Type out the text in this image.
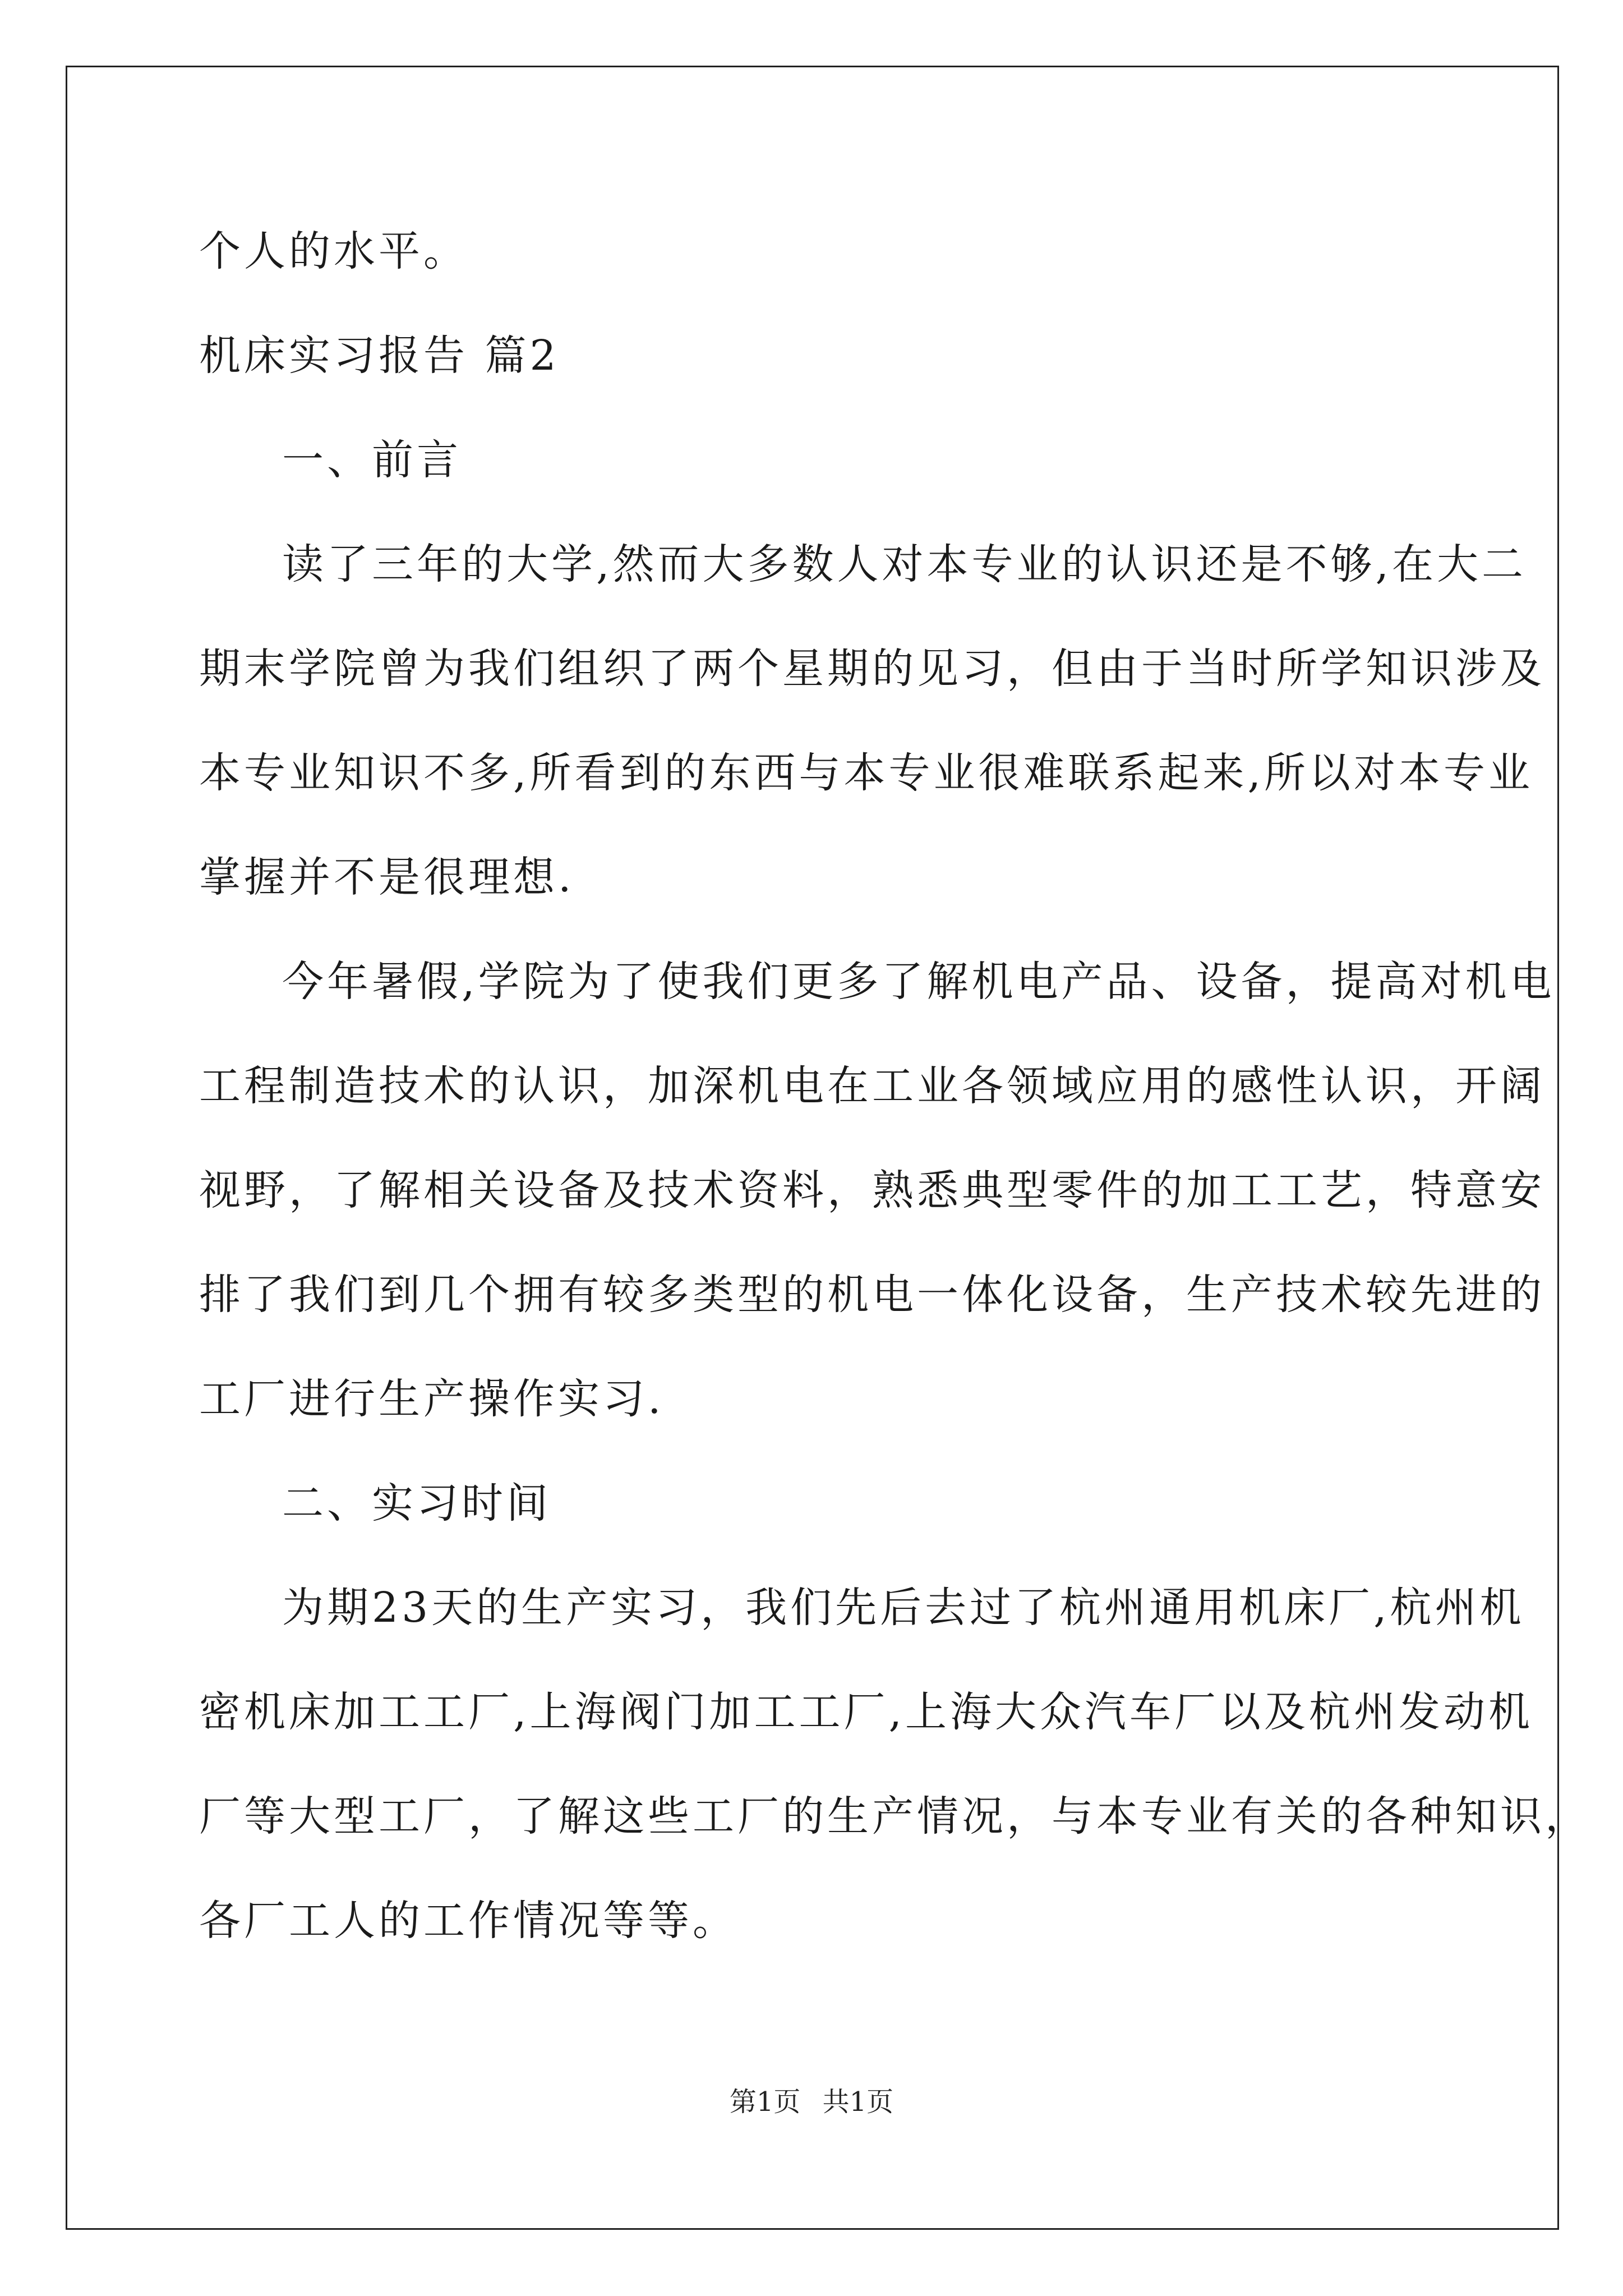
个人的水平。
机床实习报告 篇2
一、前言
读了三年的大学,然而大多数人对本专业的认识还是不够,在大二
期末学院曾为我们组织了两个星期的见习，但由于当时所学知识涉及
本专业知识不多,所看到的东西与本专业很难联系起来,所以对本专业
掌握并不是很理想.
今年暑假,学院为了使我们更多了解机电产品、设备，提高对机电
工程制造技术的认识，加深机电在工业各领域应用的感性认识，开阔
视野，了解相关设备及技术资料，熟悉典型零件的加工工艺，特意安
排了我们到几个拥有较多类型的机电一体化设备，生产技术较先进的
工厂进行生产操作实习.
二、实习时间
为期23天的生产实习，我们先后去过了杭州通用机床厂,杭州机
密机床加工工厂,上海阀门加工工厂,上海大众汽车厂以及杭州发动机
厂等大型工厂，了解这些工厂的生产情况，与本专业有关的各种知识，
各厂工人的工作情况等等。
第1页 共1页
